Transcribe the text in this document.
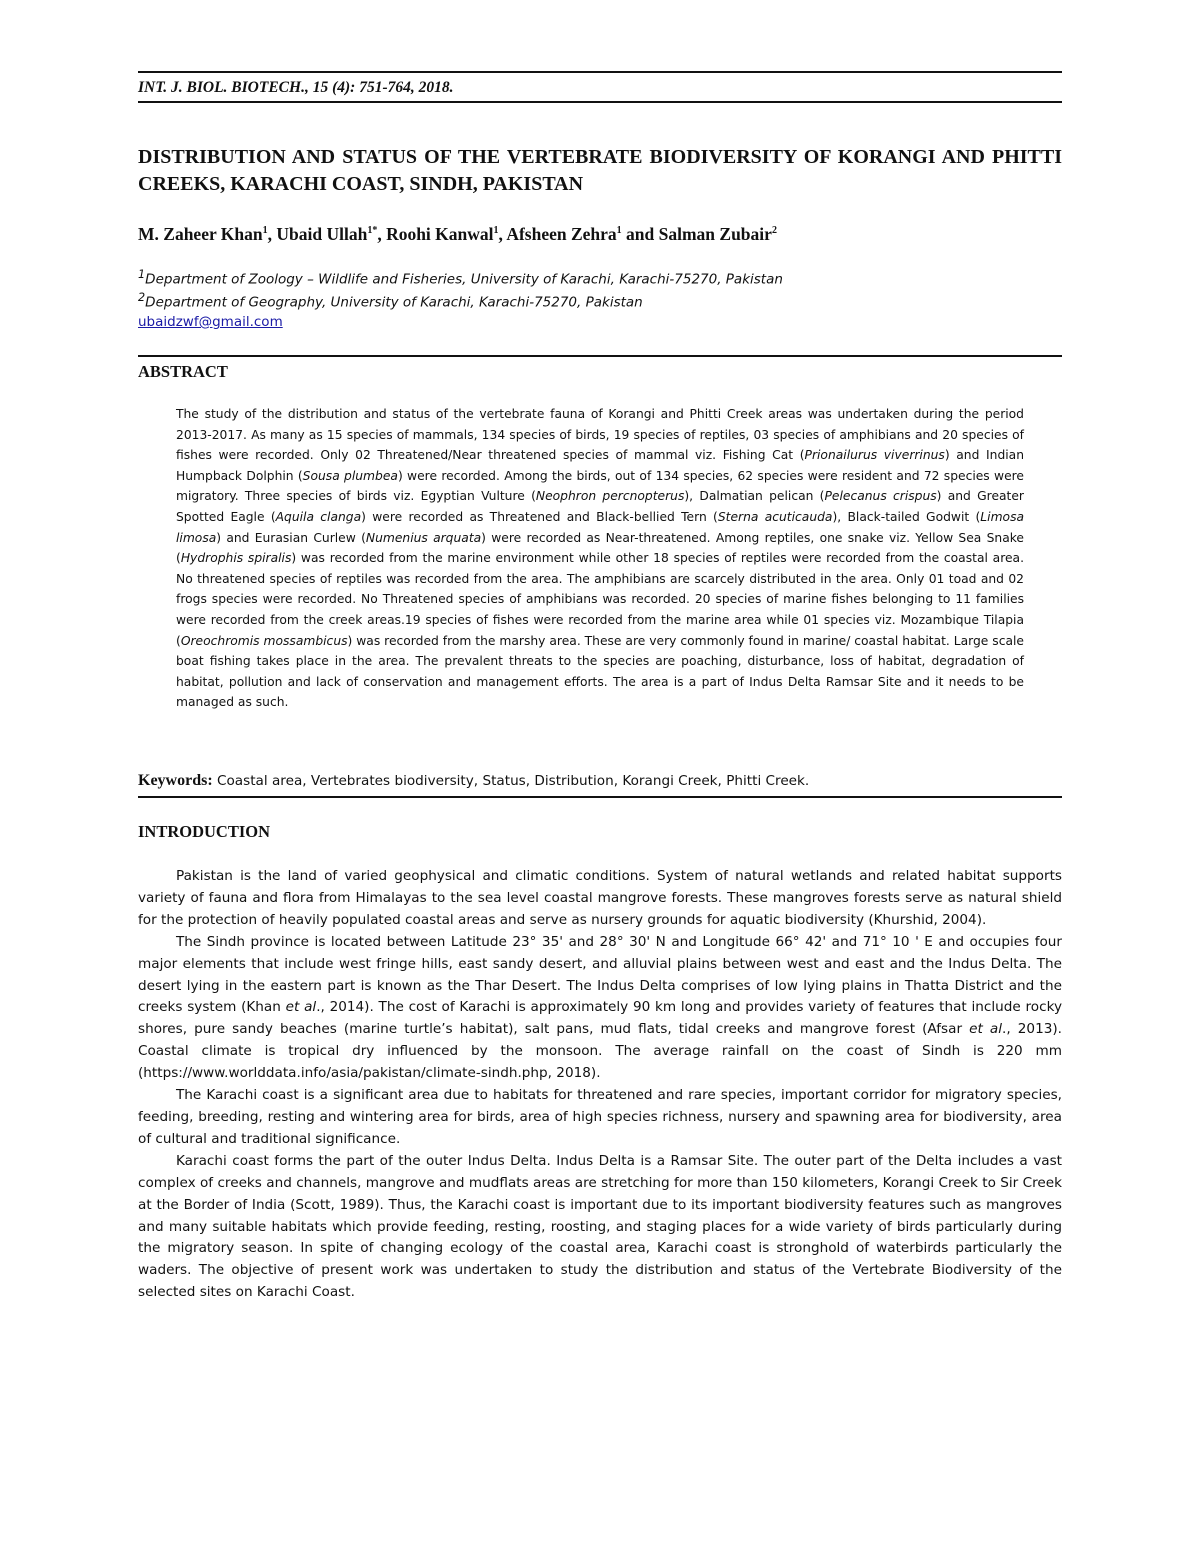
INT. J. BIOL. BIOTECH., 15 (4): 751-764, 2018.
DISTRIBUTION AND STATUS OF THE VERTEBRATE BIODIVERSITY OF KORANGI AND PHITTI CREEKS, KARACHI COAST, SINDH, PAKISTAN
M. Zaheer Khan$^1$, Ubaid Ullah$^{1*}$, Roohi Kanwal$^1$, Afsheen Zehra$^1$ and Salman Zubair$^2$
$^1$Department of Zoology – Wildlife and Fisheries, University of Karachi, Karachi-75270, Pakistan
$^2$Department of Geography, University of Karachi, Karachi-75270, Pakistan
ubaidzwf@gmail.com
ABSTRACT
The study of the distribution and status of the vertebrate fauna of Korangi and Phitti Creek areas was undertaken during the period 2013-2017. As many as 15 species of mammals, 134 species of birds, 19 species of reptiles, 03 species of amphibians and 20 species of fishes were recorded. Only 02 Threatened/Near threatened species of mammal viz. Fishing Cat (Prionailurus viverrinus) and Indian Humpback Dolphin (Sousa plumbea) were recorded. Among the birds, out of 134 species, 62 species were resident and 72 species were migratory. Three species of birds viz. Egyptian Vulture (Neophron percnopterus), Dalmatian pelican (Pelecanus crispus) and Greater Spotted Eagle (Aquila clanga) were recorded as Threatened and Black-bellied Tern (Sterna acuticauda), Black-tailed Godwit (Limosa limosa) and Eurasian Curlew (Numenius arquata) were recorded as Near-threatened. Among reptiles, one snake viz. Yellow Sea Snake (Hydrophis spiralis) was recorded from the marine environment while other 18 species of reptiles were recorded from the coastal area. No threatened species of reptiles was recorded from the area. The amphibians are scarcely distributed in the area. Only 01 toad and 02 frogs species were recorded. No Threatened species of amphibians was recorded. 20 species of marine fishes belonging to 11 families were recorded from the creek areas.19 species of fishes were recorded from the marine area while 01 species viz. Mozambique Tilapia (Oreochromis mossambicus) was recorded from the marshy area. These are very commonly found in marine/ coastal habitat. Large scale boat fishing takes place in the area. The prevalent threats to the species are poaching, disturbance, loss of habitat, degradation of habitat, pollution and lack of conservation and management efforts. The area is a part of Indus Delta Ramsar Site and it needs to be managed as such.
Keywords: Coastal area, Vertebrates biodiversity, Status, Distribution, Korangi Creek, Phitti Creek.
INTRODUCTION

Pakistan is the land of varied geophysical and climatic conditions. System of natural wetlands and related habitat supports variety of fauna and flora from Himalayas to the sea level coastal mangrove forests. These mangroves forests serve as natural shield for the protection of heavily populated coastal areas and serve as nursery grounds for aquatic biodiversity (Khurshid, 2004).

The Sindh province is located between Latitude 23° 35' and 28° 30' N and Longitude 66° 42' and 71° 10 ' E and occupies four major elements that include west fringe hills, east sandy desert, and alluvial plains between west and east and the Indus Delta. The desert lying in the eastern part is known as the Thar Desert. The Indus Delta comprises of low lying plains in Thatta District and the creeks system (Khan et al., 2014). The cost of Karachi is approximately 90 km long and provides variety of features that include rocky shores, pure sandy beaches (marine turtle’s habitat), salt pans, mud flats, tidal creeks and mangrove forest (Afsar et al., 2013). Coastal climate is tropical dry influenced by the monsoon. The average rainfall on the coast of Sindh is 220 mm (https://www.worlddata.info/asia/pakistan/climate-sindh.php, 2018).

The Karachi coast is a significant area due to habitats for threatened and rare species, important corridor for migratory species, feeding, breeding, resting and wintering area for birds, area of high species richness, nursery and spawning area for biodiversity, area of cultural and traditional significance.

Karachi coast forms the part of the outer Indus Delta. Indus Delta is a Ramsar Site. The outer part of the Delta includes a vast complex of creeks and channels, mangrove and mudflats areas are stretching for more than 150 kilometers, Korangi Creek to Sir Creek at the Border of India (Scott, 1989). Thus, the Karachi coast is important due to its important biodiversity features such as mangroves and many suitable habitats which provide feeding, resting, roosting, and staging places for a wide variety of birds particularly during the migratory season. In spite of changing ecology of the coastal area, Karachi coast is stronghold of waterbirds particularly the waders. The objective of present work was undertaken to study the distribution and status of the Vertebrate Biodiversity of the selected sites on Karachi Coast.
